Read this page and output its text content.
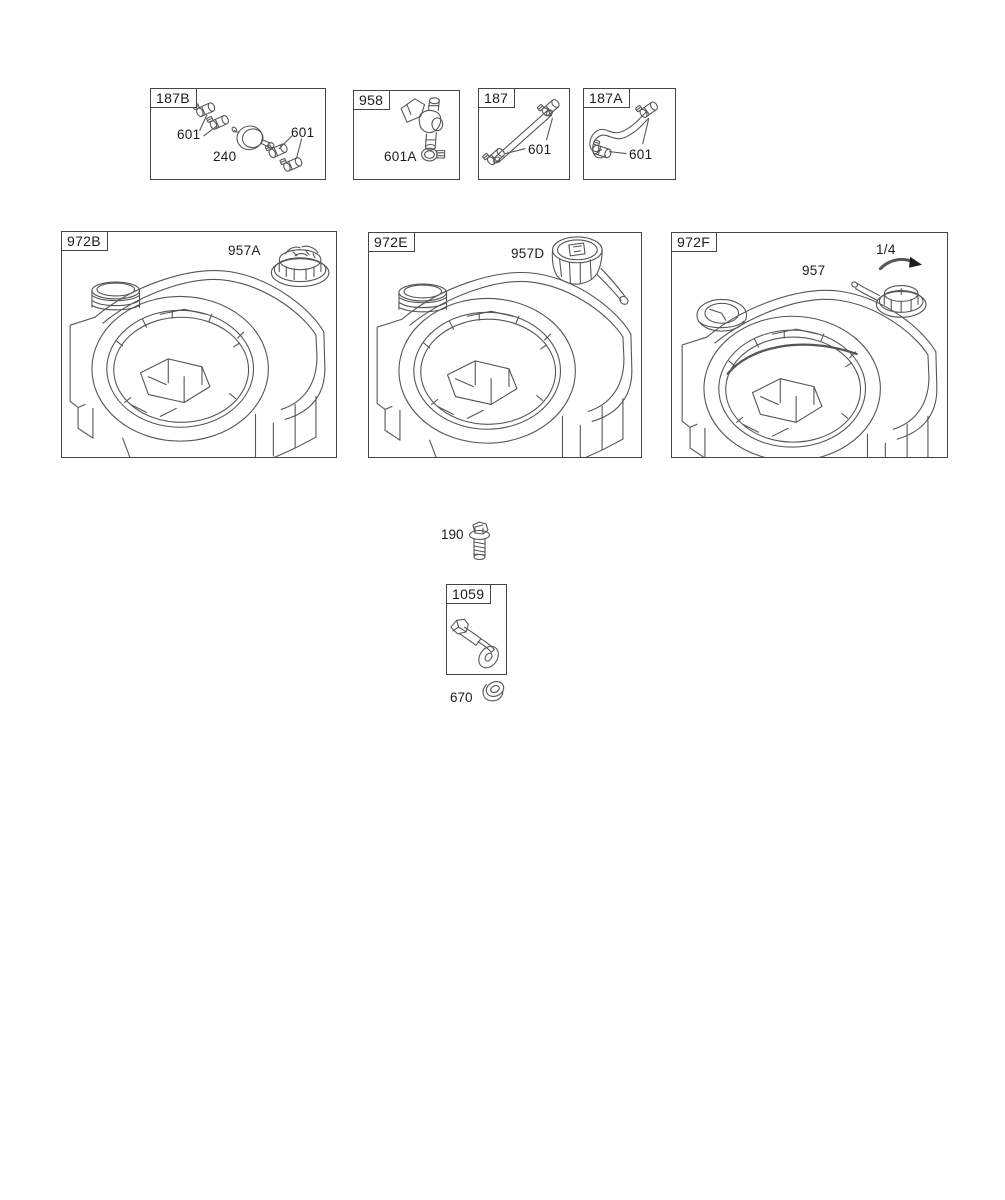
187B
601
240
601
958
601A
187
601
187A
601
972B
957A
972E
957D
972F
957
1/4
190
1059
670
